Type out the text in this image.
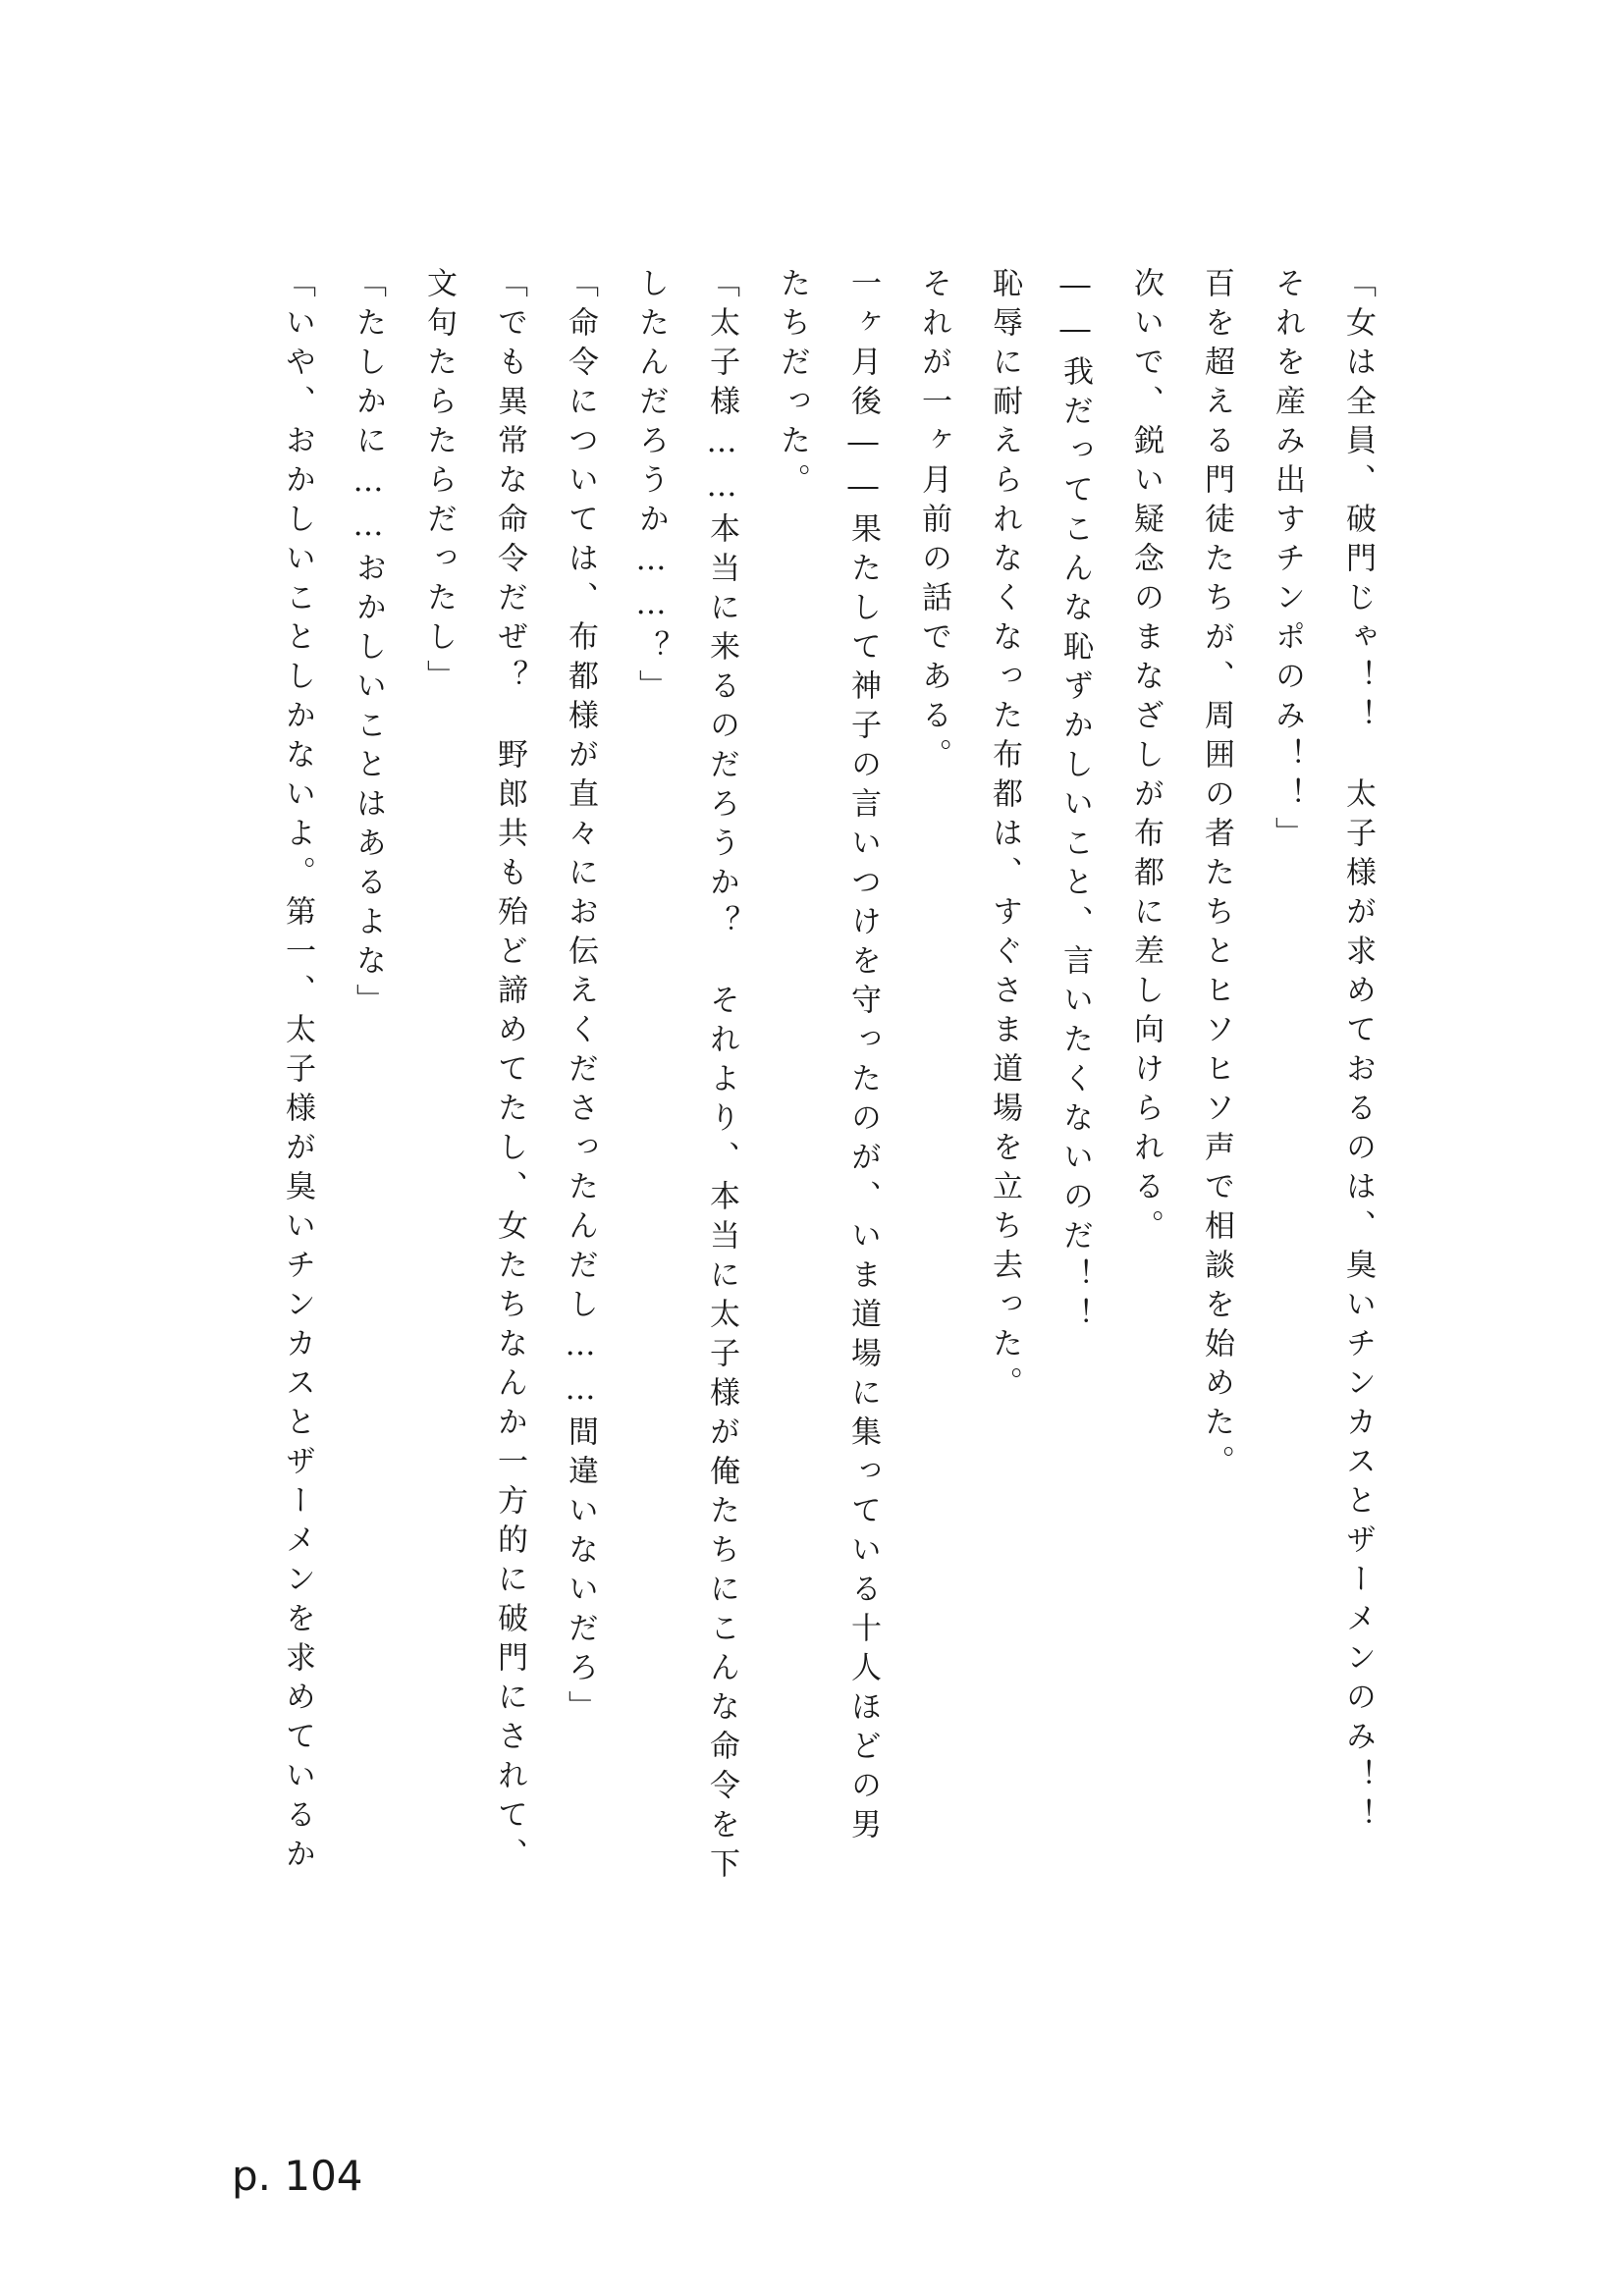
「女は全員、破門じゃ！！　太子様が求めておるのは、臭いチンカスとザーメンのみ！！

それを産み出すチンポのみ！！」

百を超える門徒たちが、周囲の者たちとヒソヒソ声で相談を始めた。

次いで、鋭い疑念のまなざしが布都に差し向けられる。

――我だってこんな恥ずかしいこと、言いたくないのだ！！

恥辱に耐えられなくなった布都は、すぐさま道場を立ち去った。

それが一ヶ月前の話である。

一ヶ月後――果たして神子の言いつけを守ったのが、いま道場に集っている十人ほどの男

たちだった。

「太子様……本当に来るのだろうか？　それより、本当に太子様が俺たちにこんな命令を下

したんだろうか……？」

「命令については、布都様が直々にお伝えくださったんだし……間違いないだろ」

「でも異常な命令だぜ？　野郎共も殆ど諦めてたし、女たちなんか一方的に破門にされて、

文句たらたらだったし」

「たしかに……おかしいことはあるよな」

「いや、おかしいことしかないよ。第一、太子様が臭いチンカスとザーメンを求めているか

p. 104
